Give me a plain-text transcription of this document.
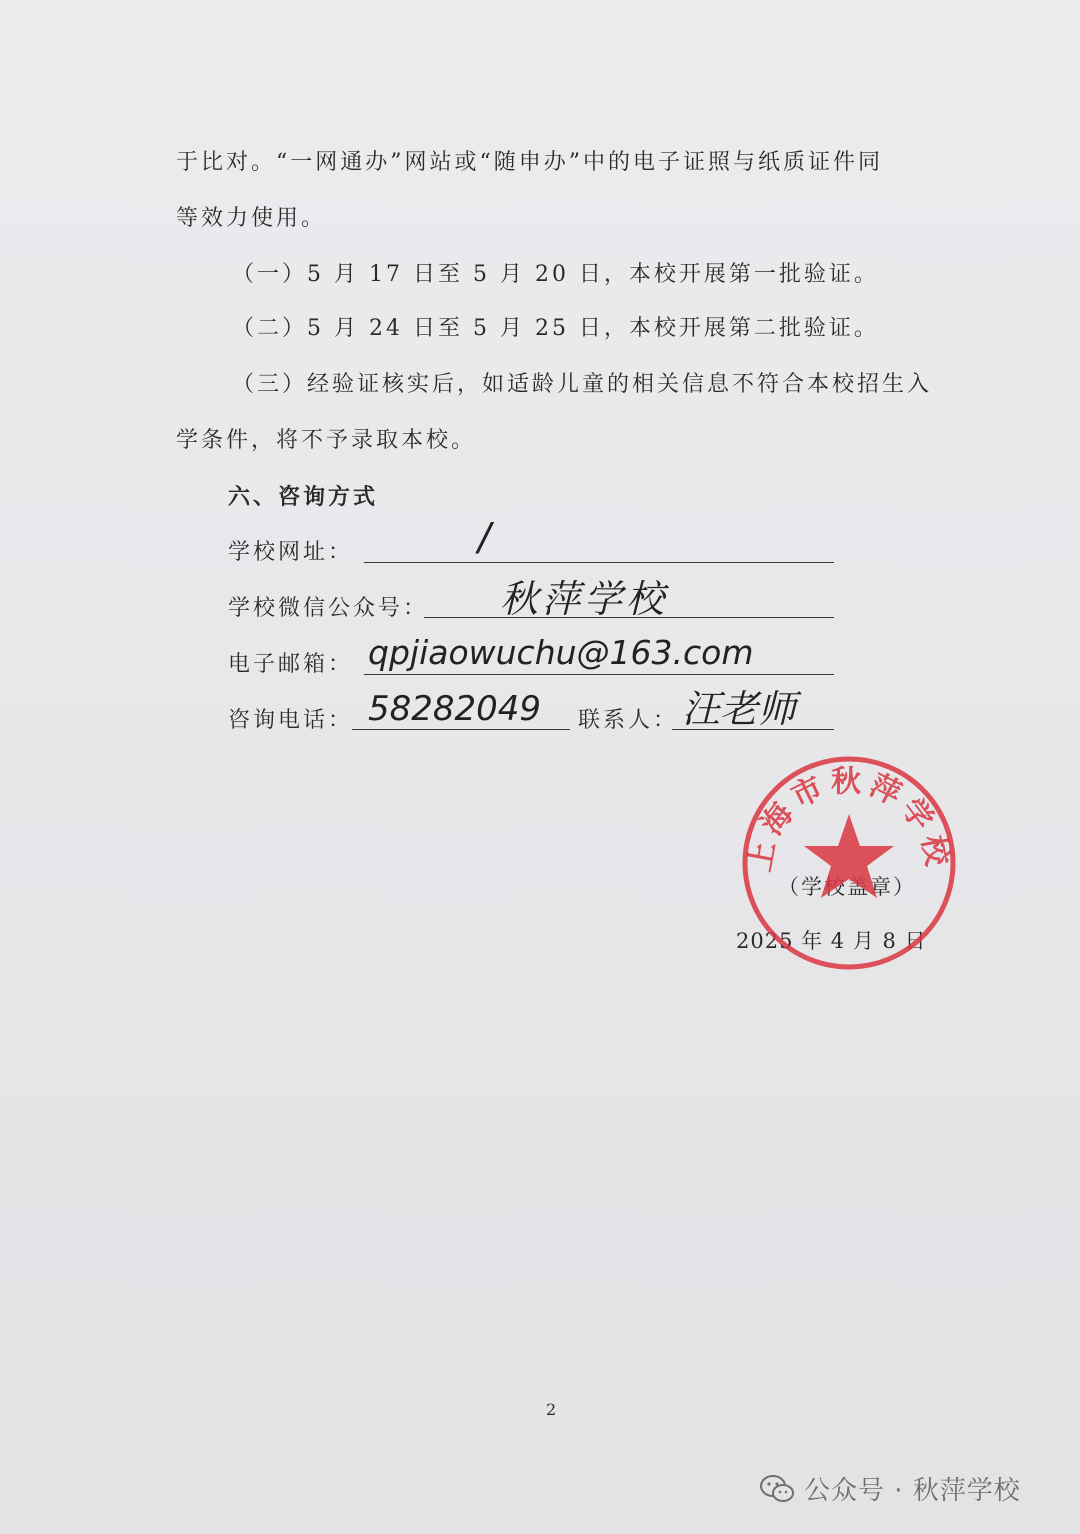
于比对。“一网通办”网站或“随申办”中的电子证照与纸质证件同
等效力使用。
（一）5 月 17 日至 5 月 20 日，本校开展第一批验证。
（二）5 月 24 日至 5 月 25 日，本校开展第二批验证。
（三）经验证核实后，如适龄儿童的相关信息不符合本校招生入
学条件，将不予录取本校。
六、咨询方式
学校网址：	/
学校微信公众号： 秋萍学校
电子邮箱： qpjiaowuchu@163.com
咨询电话： 58282049 联系人： 汪老师
（学校盖章）
2025 年 4 月 8 日
上海市秋萍学校
2
公众号 · 秋萍学校
